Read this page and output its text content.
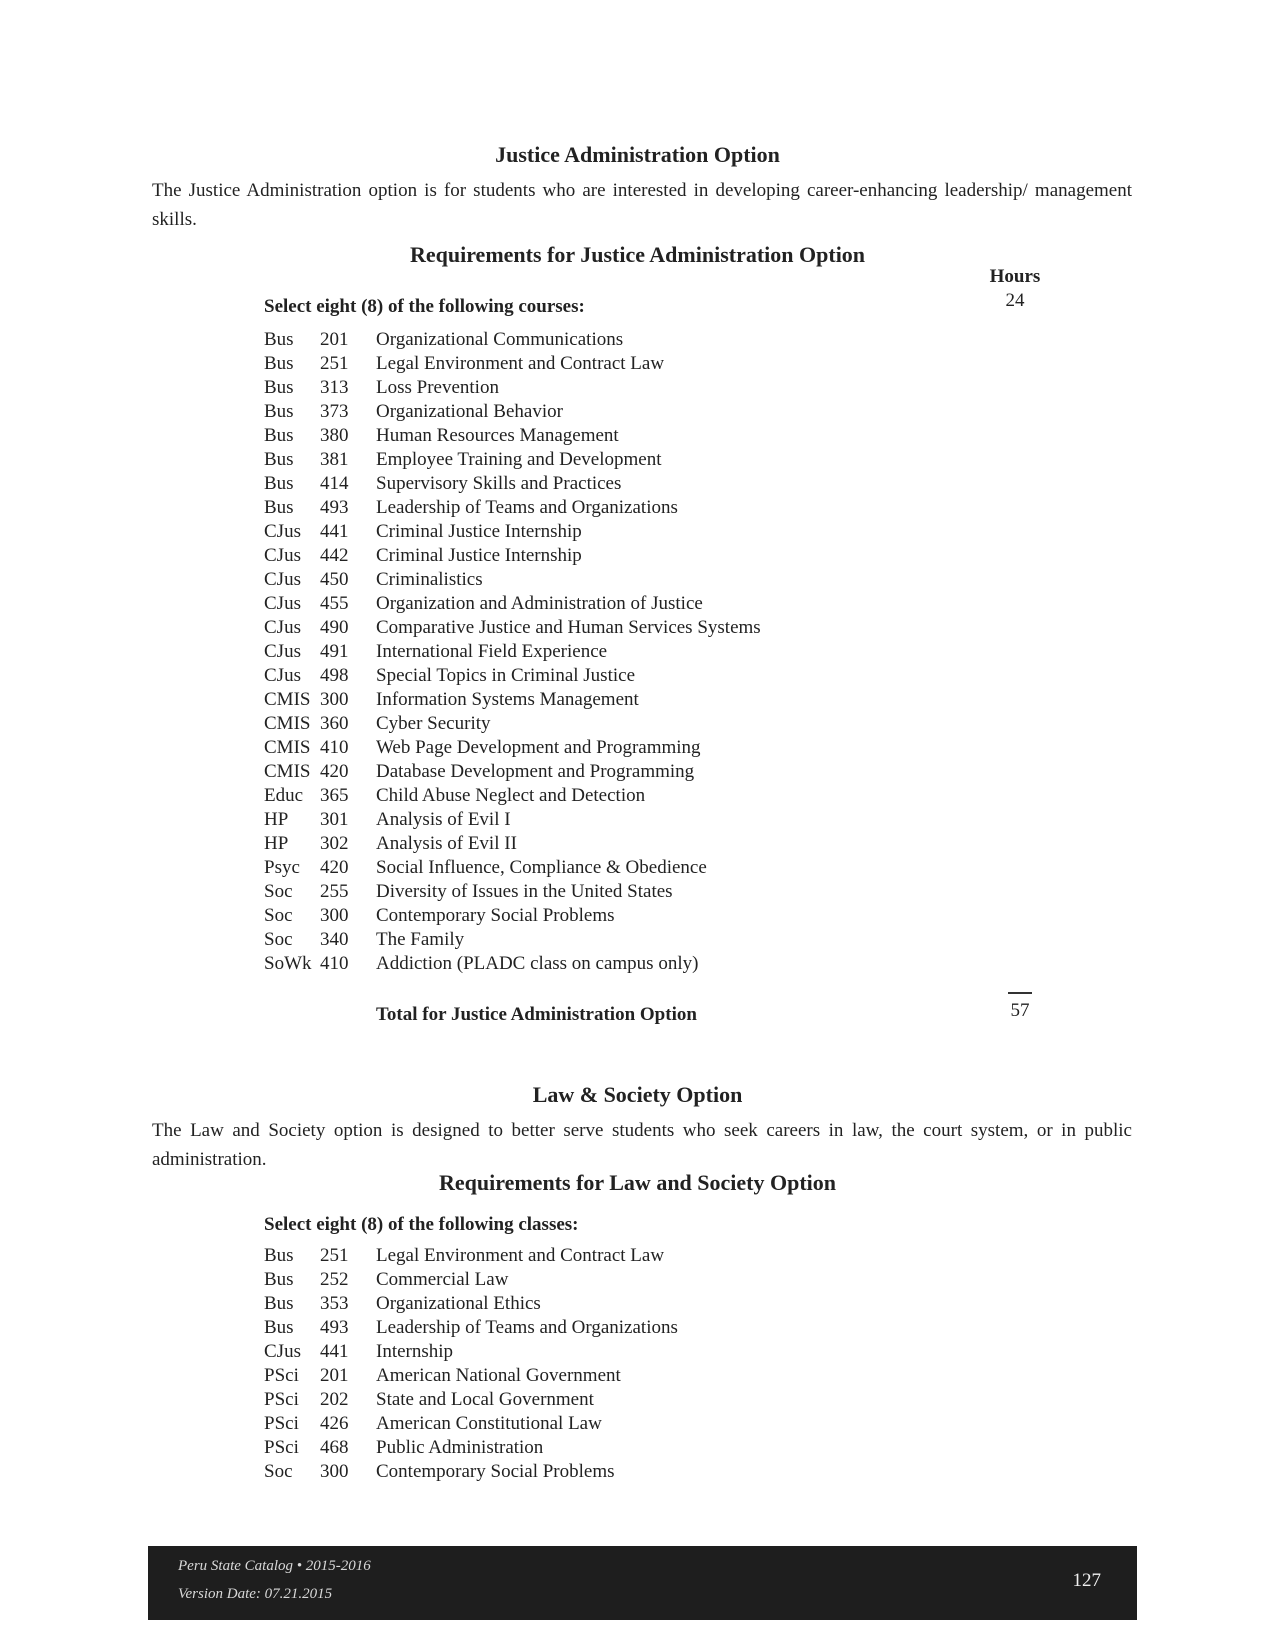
Justice Administration Option
The Justice Administration option is for students who are interested in developing career-enhancing leadership/ management skills.
Requirements for Justice Administration Option
Hours
Select eight (8) of the following courses:	24
Bus	201	Organizational Communications
Bus	251	Legal Environment and Contract Law
Bus	313	Loss Prevention
Bus	373	Organizational Behavior
Bus	380	Human Resources Management
Bus	381	Employee Training and Development
Bus	414	Supervisory Skills and Practices
Bus	493	Leadership of Teams and Organizations
CJus	441	Criminal Justice Internship
CJus	442	Criminal Justice Internship
CJus	450	Criminalistics
CJus	455	Organization and Administration of Justice
CJus	490	Comparative Justice and Human Services Systems
CJus	491	International Field Experience
CJus	498	Special Topics in Criminal Justice
CMIS 300	Information Systems Management
CMIS 360	Cyber Security
CMIS 410	Web Page Development and Programming
CMIS 420	Database Development and Programming
Educ 365	Child Abuse Neglect and Detection
HP	301	Analysis of Evil I
HP	302	Analysis of Evil II
Psyc	420	Social Influence, Compliance & Obedience
Soc	255	Diversity of Issues in the United States
Soc	300	Contemporary Social Problems
Soc	340	The Family
SoWk 410	Addiction (PLADC class on campus only)
Total for Justice Administration Option	57
Law & Society Option
The Law and Society option is designed to better serve students who seek careers in law, the court system, or in public administration.
Requirements for Law and Society Option
Select eight (8) of the following classes:
Bus	251	Legal Environment and Contract Law
Bus	252	Commercial Law
Bus	353	Organizational Ethics
Bus	493	Leadership of Teams and Organizations
CJus	441	Internship
PSci	201	American National Government
PSci	202	State and Local Government
PSci	426	American Constitutional Law
PSci	468	Public Administration
Soc	300	Contemporary Social Problems
Peru State Catalog • 2015-2016
Version Date: 07.21.2015
127
